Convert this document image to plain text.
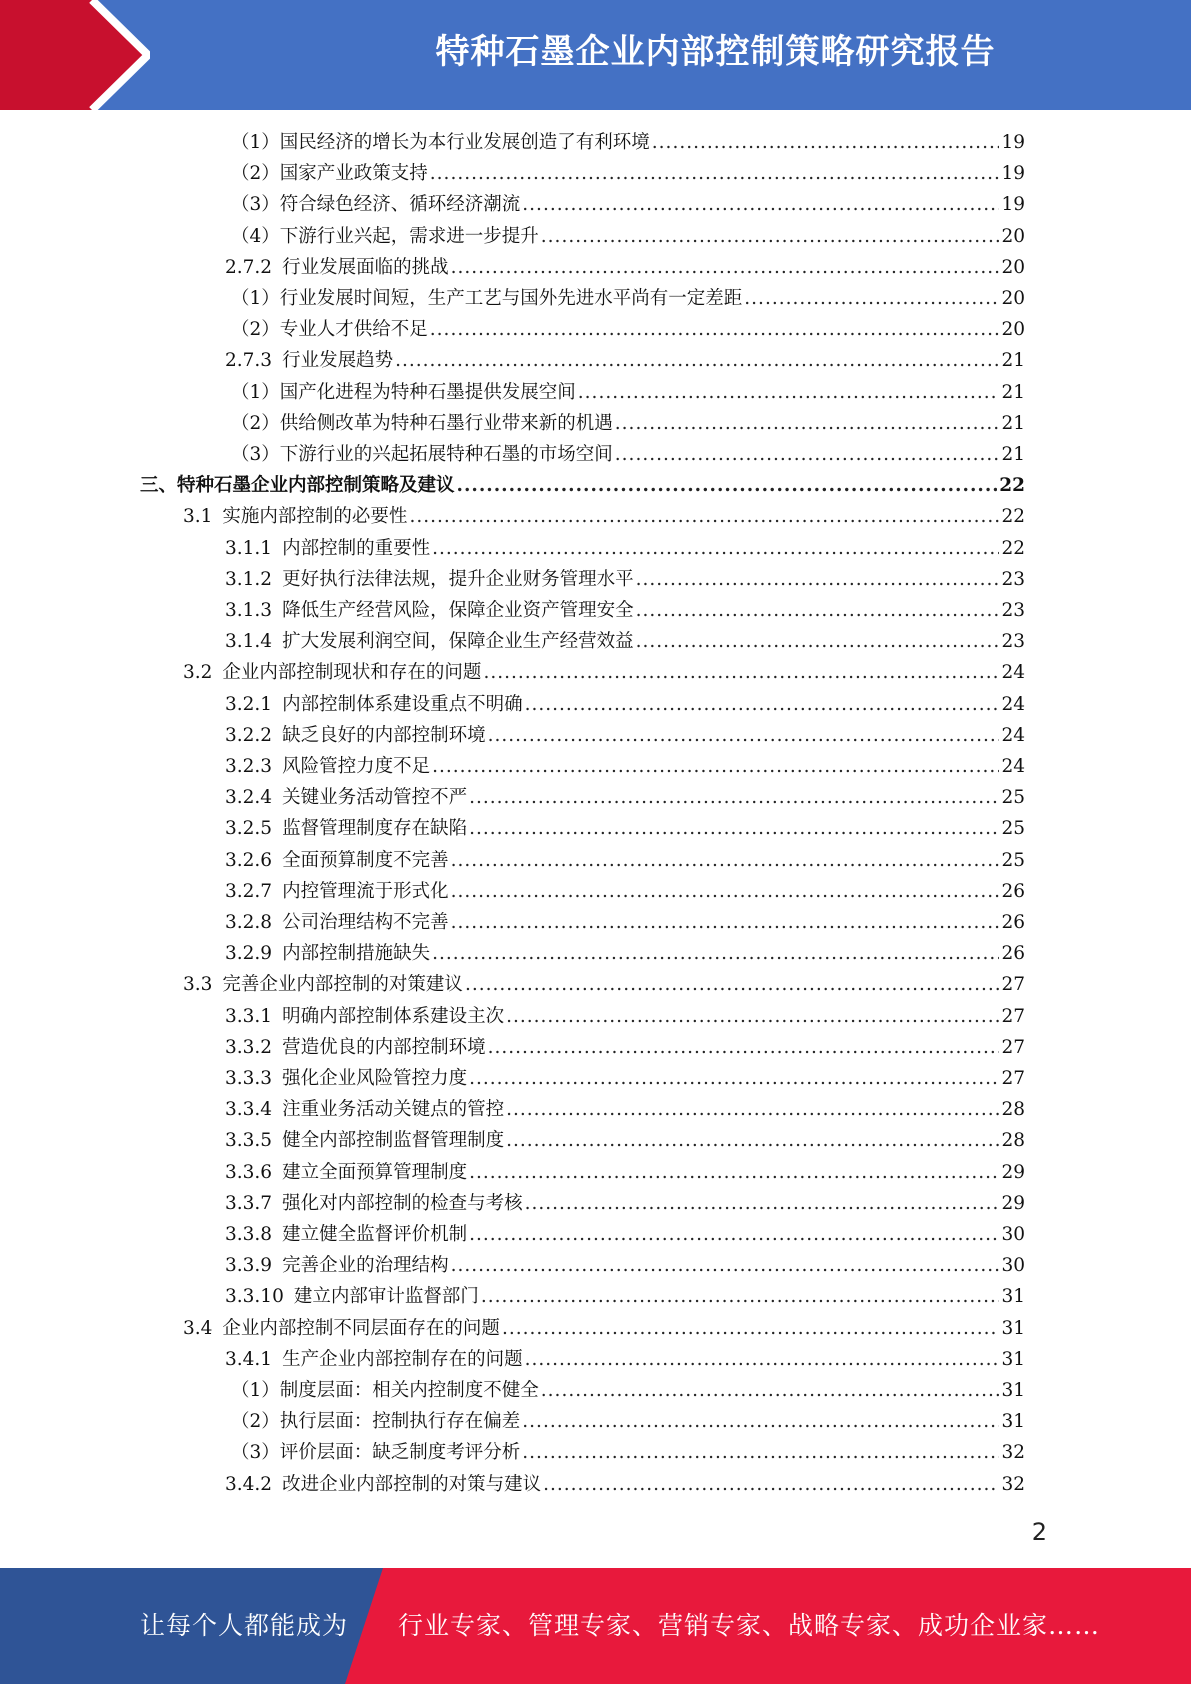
特种石墨企业内部控制策略研究报告
（1） 国民经济的增长为本行业发展创造了有利环境 .....	19
（2） 国家产业政策支持 .....	19
（3） 符合绿色经济、循环经济潮流 .....	19
（4） 下游行业兴起，需求进一步提升 .....	20
2.7.2 行业发展面临的挑战 .....	20
（1） 行业发展时间短，生产工艺与国外先进水平尚有一定差距 .....	20
（2） 专业人才供给不足 .....	20
2.7.3 行业发展趋势 .....	21
（1） 国产化进程为特种石墨提供发展空间 .....	21
（2） 供给侧改革为特种石墨行业带来新的机遇 .....	21
（3） 下游行业的兴起拓展特种石墨的市场空间 .....	21
三、 特种石墨企业内部控制策略及建议 .....	22
3.1 实施内部控制的必要性 .....	22
3.1.1 内部控制的重要性 .....	22
3.1.2 更好执行法律法规，提升企业财务管理水平 .....	23
3.1.3 降低生产经营风险，保障企业资产管理安全 .....	23
3.1.4 扩大发展利润空间，保障企业生产经营效益 .....	23
3.2 企业内部控制现状和存在的问题 .....	24
3.2.1 内部控制体系建设重点不明确 .....	24
3.2.2 缺乏良好的内部控制环境 .....	24
3.2.3 风险管控力度不足 .....	24
3.2.4 关键业务活动管控不严 .....	25
3.2.5 监督管理制度存在缺陷 .....	25
3.2.6 全面预算制度不完善 .....	25
3.2.7 内控管理流于形式化 .....	26
3.2.8 公司治理结构不完善 .....	26
3.2.9 内部控制措施缺失 .....	26
3.3 完善企业内部控制的对策建议 .....	27
3.3.1 明确内部控制体系建设主次 .....	27
3.3.2 营造优良的内部控制环境 .....	27
3.3.3 强化企业风险管控力度 .....	27
3.3.4 注重业务活动关键点的管控 .....	28
3.3.5 健全内部控制监督管理制度 .....	28
3.3.6 建立全面预算管理制度 .....	29
3.3.7 强化对内部控制的检查与考核 .....	29
3.3.8 建立健全监督评价机制 .....	30
3.3.9 完善企业的治理结构 .....	30
3.3.10 建立内部审计监督部门 .....	31
3.4 企业内部控制不同层面存在的问题 .....	31
3.4.1 生产企业内部控制存在的问题 .....	31
（1） 制度层面：相关内控制度不健全 .....	31
（2） 执行层面：控制执行存在偏差 .....	31
（3） 评价层面：缺乏制度考评分析 .....	32
3.4.2 改进企业内部控制的对策与建议 .....	32
2
让每个人都能成为 行业专家、管理专家、营销专家、战略专家、成功企业家……
